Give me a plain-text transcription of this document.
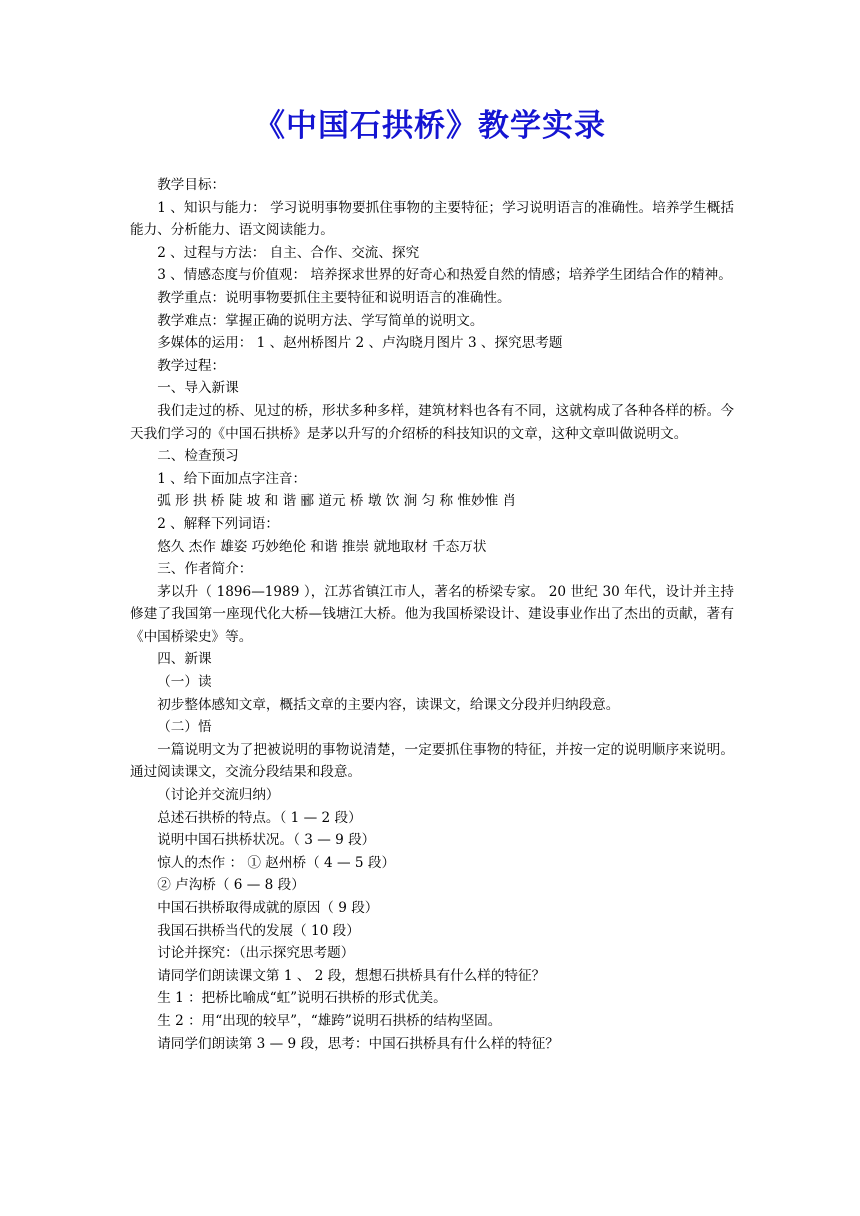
《中国石拱桥》教学实录

教学目标：

1 、知识与能力： 学习说明事物要抓住事物的主要特征；学习说明语言的准确性。培养学生概括能力、分析能力、语文阅读能力。

2 、过程与方法： 自主、合作、交流、探究

3 、情感态度与价值观： 培养探求世界的好奇心和热爱自然的情感；培养学生团结合作的精神。

教学重点：说明事物要抓住主要特征和说明语言的准确性。

教学难点：掌握正确的说明方法、学写简单的说明文。

多媒体的运用： 1 、赵州桥图片 2 、卢沟晓月图片 3 、探究思考题

教学过程：

一、导入新课

我们走过的桥、见过的桥，形状多种多样，建筑材料也各有不同，这就构成了各种各样的桥。今天我们学习的《中国石拱桥》是茅以升写的介绍桥的科技知识的文章，这种文章叫做说明文。

二、检查预习

1 、给下面加点字注音：

弧 形 拱 桥 陡 坡 和 谐 郦 道元 桥 墩 饮 涧 匀 称 惟妙惟 肖

2 、解释下列词语：

悠久 杰作 雄姿 巧妙绝伦 和谐 推崇 就地取材 千态万状

三、作者简介：

茅以升（ 1896—1989 ），江苏省镇江市人，著名的桥梁专家。 20 世纪 30 年代，设计并主持修建了我国第一座现代化大桥—钱塘江大桥。他为我国桥梁设计、建设事业作出了杰出的贡献，著有《中国桥梁史》等。

四、新课

（一）读

初步整体感知文章，概括文章的主要内容，读课文，给课文分段并归纳段意。

（二）悟

一篇说明文为了把被说明的事物说清楚，一定要抓住事物的特征，并按一定的说明顺序来说明。通过阅读课文，交流分段结果和段意。

（讨论并交流归纳）

总述石拱桥的特点。（ 1 — 2 段）

说明中国石拱桥状况。（ 3 — 9 段）

惊人的杰作 ： ① 赵州桥（ 4 — 5 段）

② 卢沟桥（ 6 — 8 段）

中国石拱桥取得成就的原因（ 9 段）

我国石拱桥当代的发展（ 10 段）

讨论并探究：（出示探究思考题）

请同学们朗读课文第 1 、 2 段，想想石拱桥具有什么样的特征？

生 1 ：把桥比喻成“虹”说明石拱桥的形式优美。

生 2 ：用“出现的较早”，“雄跨”说明石拱桥的结构坚固。

请同学们朗读第 3 — 9 段，思考：中国石拱桥具有什么样的特征？
